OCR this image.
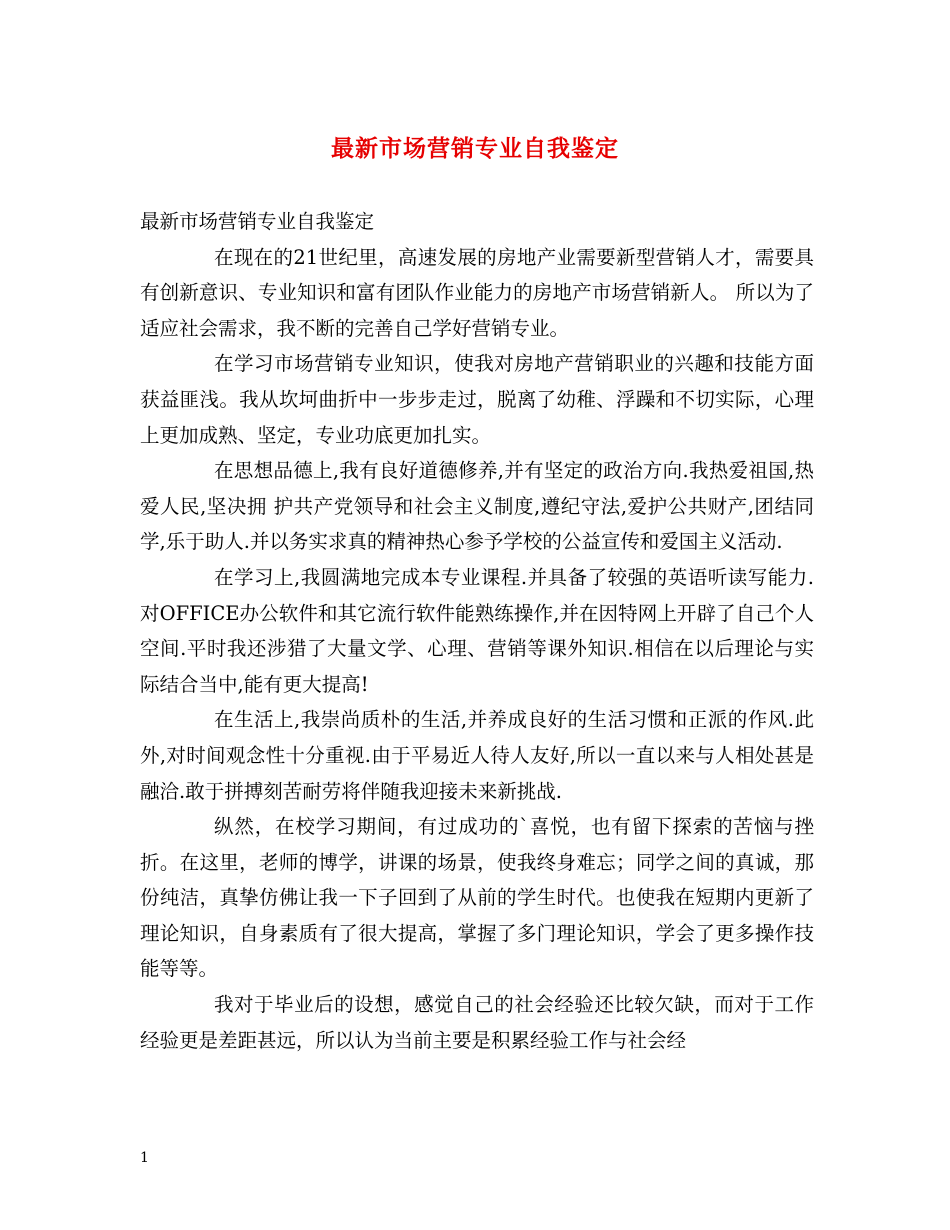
最新市场营销专业自我鉴定

最新市场营销专业自我鉴定

在现在的21世纪里，高速发展的房地产业需要新型营销人才，需要具有创新意识、专业知识和富有团队作业能力的房地产市场营销新人。 所以为了适应社会需求，我不断的完善自己学好营销专业。

在学习市场营销专业知识，使我对房地产营销职业的兴趣和技能方面获益匪浅。我从坎坷曲折中一步步走过，脱离了幼稚、浮躁和不切实际，心理上更加成熟、坚定，专业功底更加扎实。

在思想品德上,我有良好道德修养,并有坚定的政治方向.我热爱祖国,热爱人民,坚决拥 护共产党领导和社会主义制度,遵纪守法,爱护公共财产,团结同学,乐于助人.并以务实求真的精神热心参予学校的公益宣传和爱国主义活动.

在学习上,我圆满地完成本专业课程.并具备了较强的英语听读写能力.对OFFICE办公软件和其它流行软件能熟练操作,并在因特网上开辟了自己个人空间.平时我还涉猎了大量文学、心理、营销等课外知识.相信在以后理论与实际结合当中,能有更大提高!

在生活上,我崇尚质朴的生活,并养成良好的生活习惯和正派的作风.此外,对时间观念性十分重视.由于平易近人待人友好,所以一直以来与人相处甚是融洽.敢于拼搏刻苦耐劳将伴随我迎接未来新挑战.

纵然，在校学习期间，有过成功的`喜悦，也有留下探索的苦恼与挫折。在这里，老师的博学，讲课的场景，使我终身难忘；同学之间的真诚，那份纯洁，真挚仿佛让我一下子回到了从前的学生时代。也使我在短期内更新了理论知识，自身素质有了很大提高，掌握了多门理论知识，学会了更多操作技能等等。

我对于毕业后的设想，感觉自己的社会经验还比较欠缺，而对于工作经验更是差距甚远，所以认为当前主要是积累经验工作与社会经

1
